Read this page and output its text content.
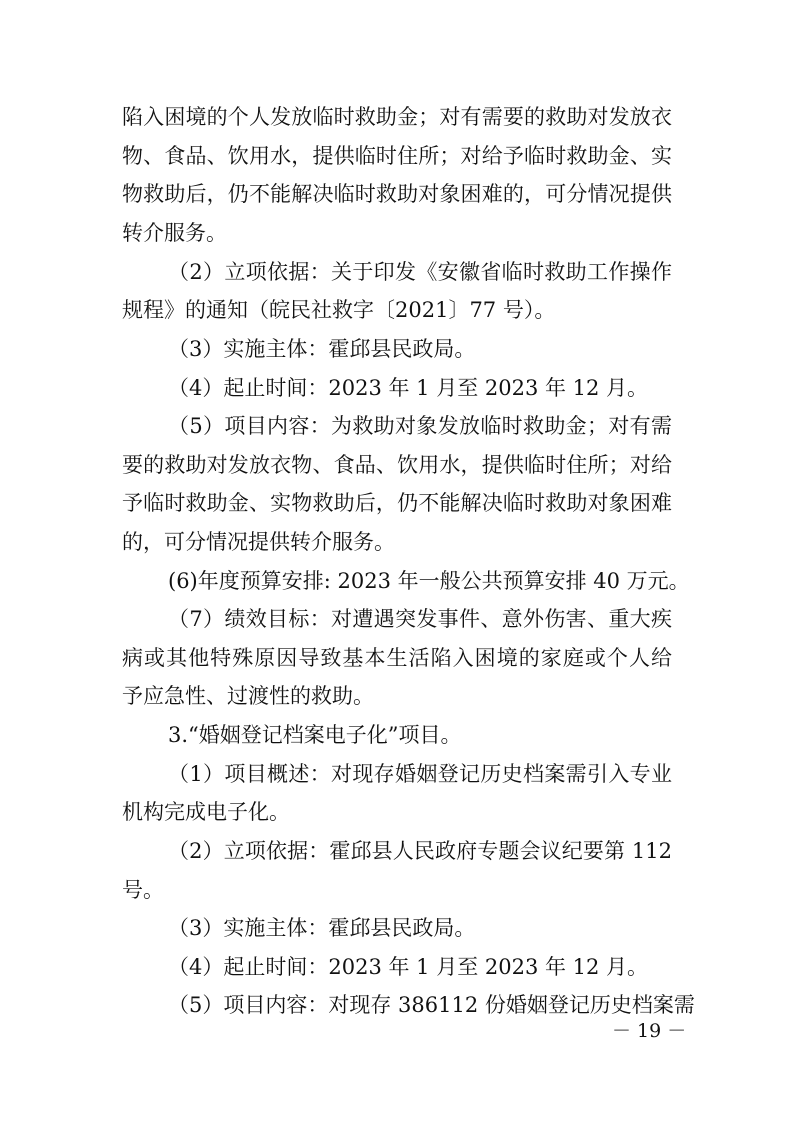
陷入困境的个人发放临时救助金；对有需要的救助对发放衣
物、食品、饮用水，提供临时住所；对给予临时救助金、实
物救助后，仍不能解决临时救助对象困难的，可分情况提供
转介服务。
（2）立项依据：关于印发《安徽省临时救助工作操作
规程》的通知（皖民社救字〔2021〕77 号）。
（3）实施主体：霍邱县民政局。
（4）起止时间：2023 年 1 月至 2023 年 12 月。
（5）项目内容：为救助对象发放临时救助金；对有需
要的救助对发放衣物、食品、饮用水，提供临时住所；对给
予临时救助金、实物救助后，仍不能解决临时救助对象困难
的，可分情况提供转介服务。
(6)年度预算安排: 2023 年一般公共预算安排 40 万元。
（7）绩效目标：对遭遇突发事件、意外伤害、重大疾
病或其他特殊原因导致基本生活陷入困境的家庭或个人给
予应急性、过渡性的救助。
3.“婚姻登记档案电子化”项目。
（1）项目概述：对现存婚姻登记历史档案需引入专业
机构完成电子化。
（2）立项依据：霍邱县人民政府专题会议纪要第 112
号。
（3）实施主体：霍邱县民政局。
（4）起止时间：2023 年 1 月至 2023 年 12 月。
（5）项目内容：对现存 386112 份婚姻登记历史档案需
－ 19 －
